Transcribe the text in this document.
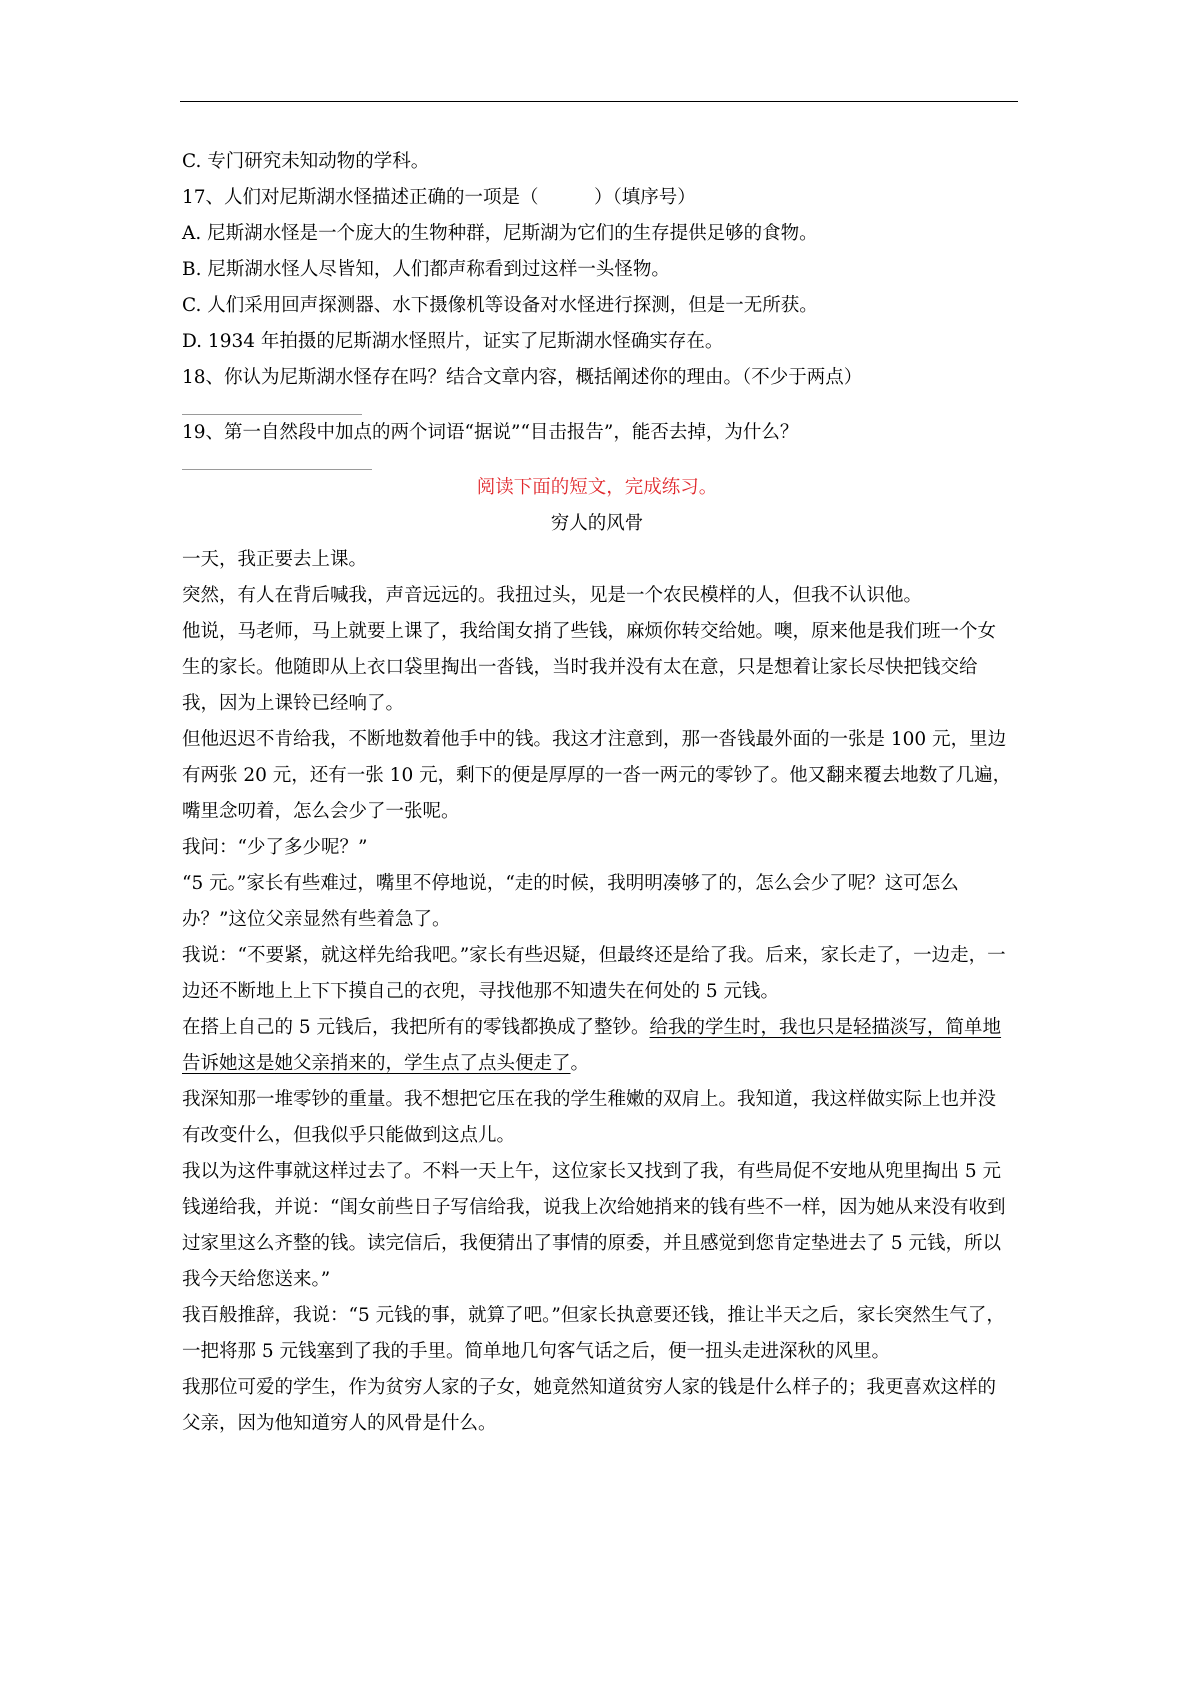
C. 专门研究未知动物的学科。

17、人们对尼斯湖水怪描述正确的一项是（	）（填序号）

A. 尼斯湖水怪是一个庞大的生物种群，尼斯湖为它们的生存提供足够的食物。

B. 尼斯湖水怪人尽皆知，人们都声称看到过这样一头怪物。

C. 人们采用回声探测器、水下摄像机等设备对水怪进行探测，但是一无所获。

D. 1934 年拍摄的尼斯湖水怪照片，证实了尼斯湖水怪确实存在。

18、你认为尼斯湖水怪存在吗？结合文章内容，概括阐述你的理由。（不少于两点）

19、第一自然段中加点的两个词语“据说”“目击报告”，能否去掉，为什么？

阅读下面的短文，完成练习。

穷人的风骨

一天，我正要去上课。

突然，有人在背后喊我，声音远远的。我扭过头，见是一个农民模样的人，但我不认识他。

他说，马老师，马上就要上课了，我给闺女捎了些钱，麻烦你转交给她。噢，原来他是我们班一个女生的家长。他随即从上衣口袋里掏出一沓钱，当时我并没有太在意，只是想着让家长尽快把钱交给我，因为上课铃已经响了。

但他迟迟不肯给我，不断地数着他手中的钱。我这才注意到，那一沓钱最外面的一张是 100 元，里边有两张 20 元，还有一张 10 元，剩下的便是厚厚的一沓一两元的零钞了。他又翻来覆去地数了几遍，嘴里念叨着，怎么会少了一张呢。

我问：“少了多少呢？”

“5 元。”家长有些难过，嘴里不停地说，“走的时候，我明明凑够了的，怎么会少了呢？这可怎么办？”这位父亲显然有些着急了。

我说：“不要紧，就这样先给我吧。”家长有些迟疑，但最终还是给了我。后来，家长走了，一边走，一边还不断地上上下下摸自己的衣兜，寻找他那不知遗失在何处的 5 元钱。

在搭上自己的 5 元钱后，我把所有的零钱都换成了整钞。给我的学生时，我也只是轻描淡写，简单地告诉她这是她父亲捎来的，学生点了点头便走了。

我深知那一堆零钞的重量。我不想把它压在我的学生稚嫩的双肩上。我知道，我这样做实际上也并没有改变什么，但我似乎只能做到这点儿。

我以为这件事就这样过去了。不料一天上午，这位家长又找到了我，有些局促不安地从兜里掏出 5 元钱递给我，并说：“闺女前些日子写信给我，说我上次给她捎来的钱有些不一样，因为她从来没有收到过家里这么齐整的钱。读完信后，我便猜出了事情的原委，并且感觉到您肯定垫进去了 5 元钱，所以我今天给您送来。”

我百般推辞，我说：“5 元钱的事，就算了吧。”但家长执意要还钱，推让半天之后，家长突然生气了，一把将那 5 元钱塞到了我的手里。简单地几句客气话之后，便一扭头走进深秋的风里。

我那位可爱的学生，作为贫穷人家的子女，她竟然知道贫穷人家的钱是什么样子的；我更喜欢这样的父亲，因为他知道穷人的风骨是什么。
